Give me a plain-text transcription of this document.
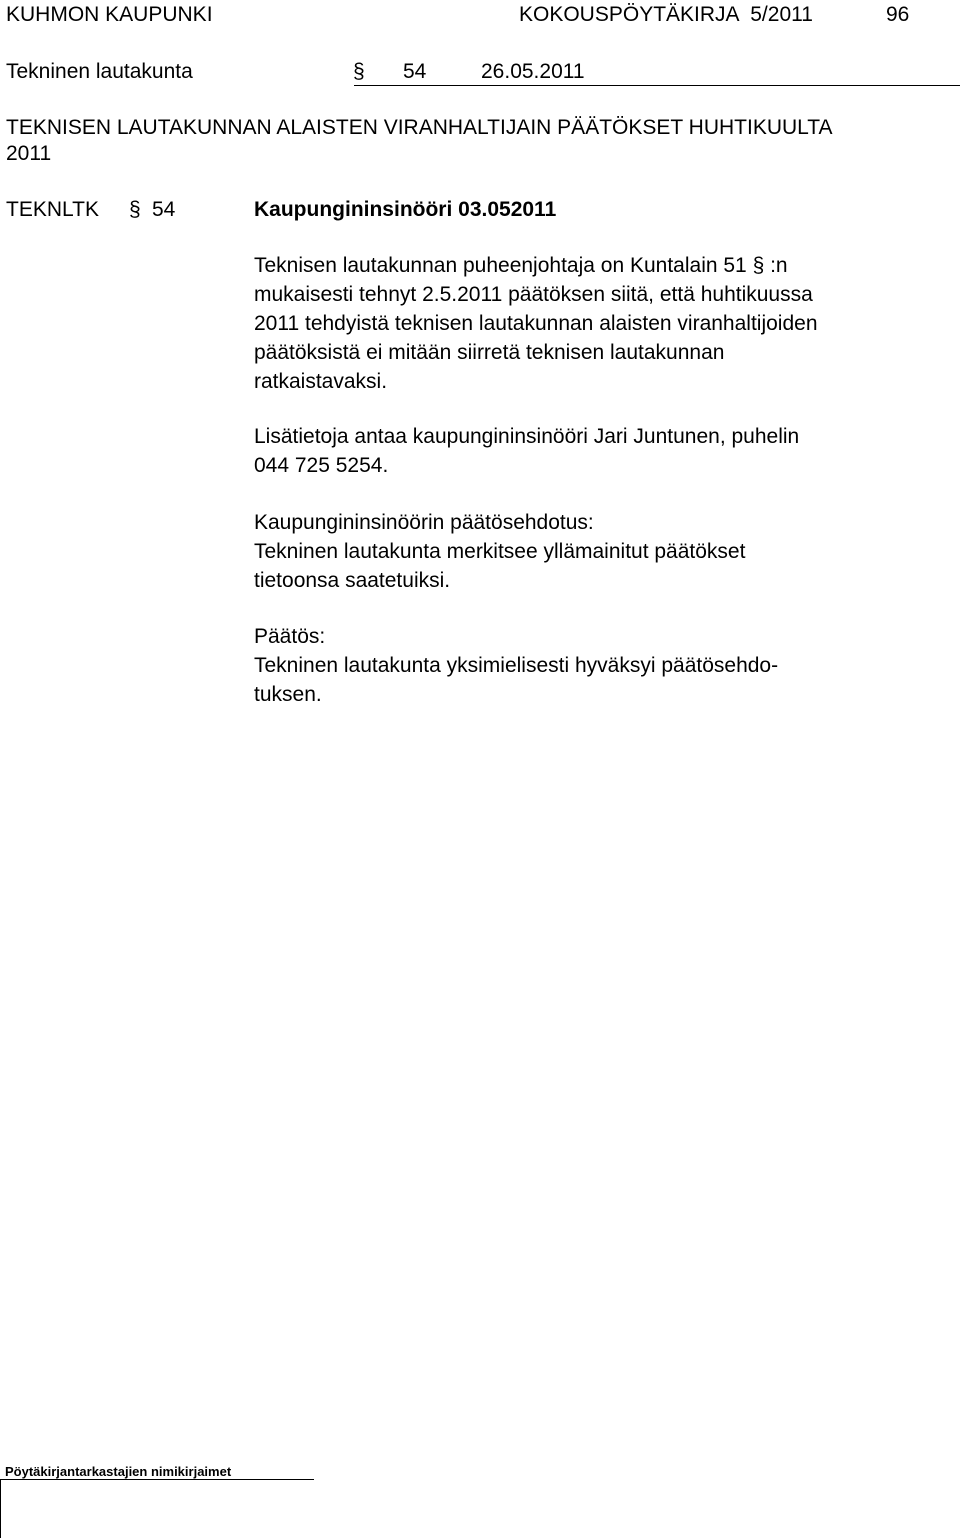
KUHMON KAUPUNKI	KOKOUSPÖYTÄKIRJA 5/2011	96
Tekninen lautakunta	§ 54	26.05.2011
TEKNISEN LAUTAKUNNAN ALAISTEN VIRANHALTIJAIN PÄÄTÖKSET HUHTIKUULTA
2011
TEKNLTK § 54	Kaupungininsinööri 03.052011
Teknisen lautakunnan puheenjohtaja on Kuntalain 51 § :n
mukaisesti tehnyt 2.5.2011 päätöksen siitä, että huhtikuussa
2011 tehdyistä teknisen lautakunnan alaisten viranhaltijoiden
päätöksistä ei mitään siirretä teknisen lautakunnan
ratkaistavaksi.
Lisätietoja antaa kaupungininsinööri Jari Juntunen, puhelin
044 725 5254.
Kaupungininsinöörin päätösehdotus:
Tekninen lautakunta merkitsee yllämainitut päätökset
tietoonsa saatetuiksi.
Päätös:
Tekninen lautakunta yksimielisesti hyväksyi päätösehdo-
tuksen.
Pöytäkirjantarkastajien nimikirjaimet
